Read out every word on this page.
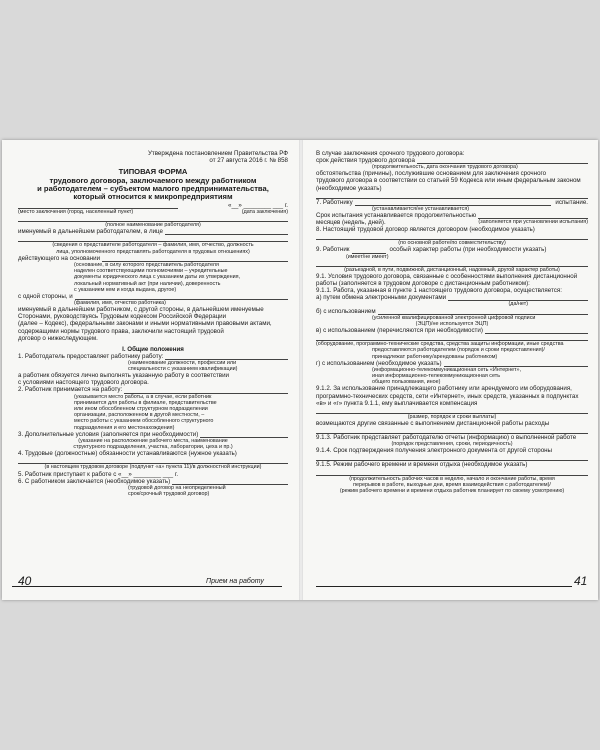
Утверждена постановлением Правительства РФ
от 27 августа 2016 г. № 858
ТИПОВАЯ ФОРМА
трудового договора, заключаемого между работником
и работодателем – субъектом малого предпринимательства,
который относится к микропредприятиям
«__» ________ ___ г.
(место заключения (город, населенный пункт)	(дата заключения)
(полное наименование работодателя)
именуемый в дальнейшем работодателем, в лице
(сведения о представителе работодателя – фамилия, имя, отчество, должность
лица, уполномоченного представлять работодателя в трудовых отношениях)
действующего на основании
(основание, в силу которого представитель работодателя
наделен соответствующими полномочиями – учредительные
документы юридического лица с указанием даты их утверждения,
локальный нормативный акт (при наличии), доверенность
с указанием кем и когда выдана, другое)
с одной стороны, и
(фамилия, имя, отчество работника)
именуемый в дальнейшем работником, с другой стороны, в дальнейшем именуемые Сторонами, руководствуясь Трудовым кодексом Российской Федерации
(далее – Кодекс), федеральными законами и иными нормативными правовыми актами, содержащими нормы трудового права, заключили настоящий трудовой
договор о нижеследующем.
I. Общие положения
1. Работодатель предоставляет работнику работу:
(наименование должности, профессии или
специальности с указанием квалификации)
а работник обязуется лично выполнять указанную работу в соответствии
с условиями настоящего трудового договора.
2. Работник принимается на работу:
(указывается место работы, а в случае, если работник
принимается для работы в филиале, представительстве
или ином обособленном структурном подразделении
организации, расположенном в другой местности, –
место работы с указанием обособленного структурного
подразделения и его местонахождения)
3. Дополнительные условия (заполняется при необходимости)
(указание на расположение рабочего места, наименование
структурного подразделения, участка, лаборатории, цеха и пр.)
4. Трудовые (должностные) обязанности устанавливаются (нужное указать)
(в настоящем трудовом договоре (подпункт «а» пункта 11)/в должностной инструкции)
5. Работник приступает к работе с «__» ________ ___ г.
6. С работником заключается (необходимое указать)
(трудовой договор на неопределенный
срок/срочный трудовой договор)
В случае заключения срочного трудового договора:
срок действия трудового договора
(продолжительность, дата окончания трудового договора)
обстоятельства (причины), послужившие основанием для заключения срочного
трудового договора в соответствии со статьей 59 Кодекса или иным федеральным законом (необходимое указать)
7. Работнику	испытание.
(устанавливается/не устанавливается)
Срок испытания устанавливается продолжительностью
месяцев (недель, дней).	(заполняется при установлении испытания)
8. Настоящий трудовой договор является договором (необходимое указать)
(по основной работе/по совместительству)
9. Работник	особый характер работы (при необходимости указать)
(имеет/не имеет)
(разъездной, в пути, подвижной, дистанционный, надомный, другой характер работы)
9.1. Условия трудового договора, связанные с особенностями выполнения дистанционной работы (заполняется в трудовом договоре с дистанционным работником):
9.1.1. Работа, указанная в пункте 1 настоящего трудового договора, осуществляется:
а) путем обмена электронными документами
(да/нет)
б) с использованием
(усиленной квалифицированной электронной цифровой подписи
(ЭЦП)/не используется ЭЦП)
в) с использованием (перечисляются при необходимости)
(оборудование, программно-технические средства, средства защиты информации, иные средства
предоставляются работодателем (порядок и сроки предоставления)/
принадлежат работнику/арендованы работником)
г) с использованием (необходимое указать)
(информационно-телекоммуникационная сеть «Интернет»,
иная информационно-телекоммуникационная сеть
общего пользования, иное)
9.1.2. За использование принадлежащего работнику или арендуемого им оборудования, программно-технических средств, сети «Интернет», иных средств, указанных в подпунктах «в» и «г» пункта 9.1.1, ему выплачивается компенсация
(размер, порядок и сроки выплаты)
возмещаются другие связанные с выполнением дистанционной работы расходы
9.1.3. Работник представляет работодателю отчеты (информацию) о выполненной работе
(порядок представления, сроки, периодичность)
9.1.4. Срок подтверждения получения электронного документа от другой стороны
9.1.5. Режим рабочего времени и времени отдыха (необходимое указать)
(продолжительность рабочих часов в неделю, начало и окончание работы, время
перерывов в работе, выходные дни, время взаимодействия с работодателем)/
(режим рабочего времени и времени отдыха работник планирует по своему усмотрению)
40	Прием на работу	41
